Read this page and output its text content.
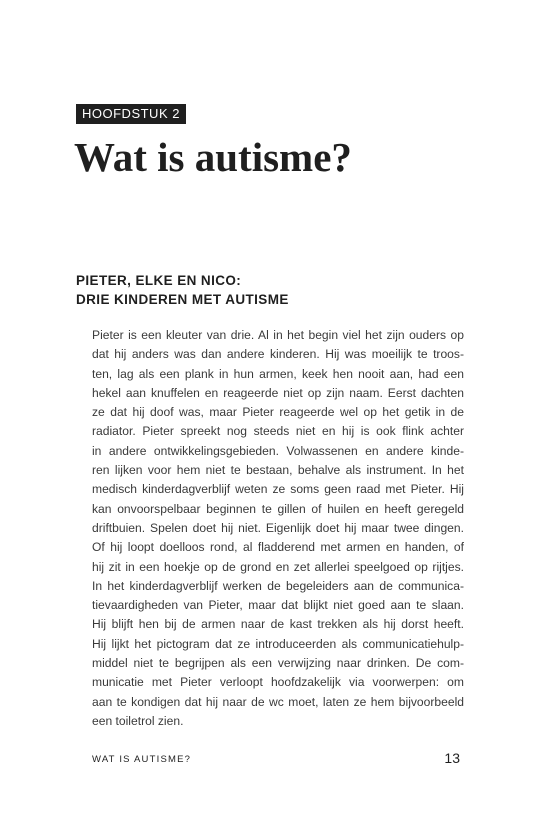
HOOFDSTUK 2
Wat is autisme?
PIETER, ELKE EN NICO:
DRIE KINDEREN MET AUTISME
Pieter is een kleuter van drie. Al in het begin viel het zijn ouders op
dat hij anders was dan andere kinderen. Hij was moeilijk te troos-
ten, lag als een plank in hun armen, keek hen nooit aan, had een
hekel aan knuffelen en reageerde niet op zijn naam. Eerst dachten
ze dat hij doof was, maar Pieter reageerde wel op het getik in de
radiator. Pieter spreekt nog steeds niet en hij is ook flink achter
in andere ontwikkelingsgebieden. Volwassenen en andere kinde-
ren lijken voor hem niet te bestaan, behalve als instrument. In het
medisch kinderdagverblijf weten ze soms geen raad met Pieter. Hij
kan onvoorspelbaar beginnen te gillen of huilen en heeft geregeld
driftbuien. Spelen doet hij niet. Eigenlijk doet hij maar twee dingen.
Of hij loopt doelloos rond, al fladderend met armen en handen, of
hij zit in een hoekje op de grond en zet allerlei speelgoed op rijtjes.
In het kinderdagverblijf werken de begeleiders aan de communica-
tievaardigheden van Pieter, maar dat blijkt niet goed aan te slaan.
Hij blijft hen bij de armen naar de kast trekken als hij dorst heeft.
Hij lijkt het pictogram dat ze introduceerden als communicatiehulp-
middel niet te begrijpen als een verwijzing naar drinken. De com-
municatie met Pieter verloopt hoofdzakelijk via voorwerpen: om
aan te kondigen dat hij naar de wc moet, laten ze hem bijvoorbeeld
een toiletrol zien.
WAT IS AUTISME?	13
